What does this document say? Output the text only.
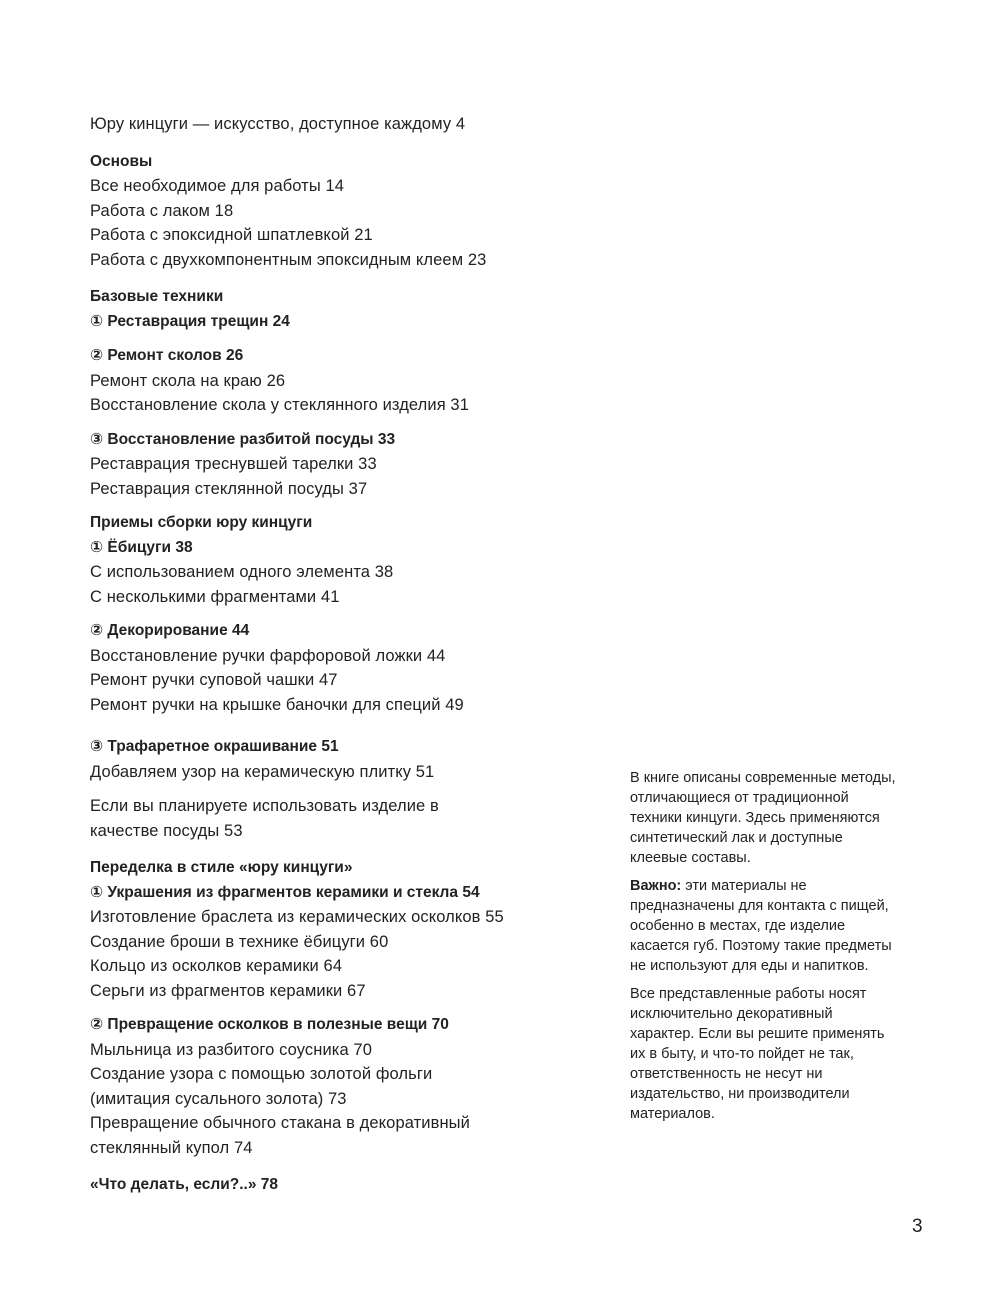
Юру кинцуги — искусство, доступное каждому 4
Основы
Все необходимое для работы 14
Работа с лаком 18
Работа с эпоксидной шпатлевкой 21
Работа с двухкомпонентным эпоксидным клеем 23
Базовые техники
① Реставрация трещин 24
② Ремонт сколов 26
Ремонт скола на краю 26
Восстановление скола у стеклянного изделия 31
③ Восстановление разбитой посуды 33
Реставрация треснувшей тарелки 33
Реставрация стеклянной посуды 37
Приемы сборки юру кинцуги
① Ёбицуги 38
С использованием одного элемента 38
С несколькими фрагментами 41
② Декорирование 44
Восстановление ручки фарфоровой ложки 44
Ремонт ручки суповой чашки 47
Ремонт ручки на крышке баночки для специй 49
③ Трафаретное окрашивание 51
Добавляем узор на керамическую плитку 51
Если вы планируете использовать изделие в качестве посуды 53
Переделка в стиле «юру кинцуги»
① Украшения из фрагментов керамики и стекла 54
Изготовление браслета из керамических осколков 55
Создание броши в технике ёбицуги 60
Кольцо из осколков керамики 64
Серьги из фрагментов керамики 67
② Превращение осколков в полезные вещи 70
Мыльница из разбитого соусника 70
Создание узора с помощью золотой фольги (имитация сусального золота) 73
Превращение обычного стакана в декоративный стеклянный купол 74
«Что делать, если?..» 78

В книге описаны современные методы, отличающиеся от традиционной техники кинцуги. Здесь применяются синтетический лак и доступные клеевые составы.

Важно: эти материалы не предназначены для контакта с пищей, особенно в местах, где изделие касается губ. Поэтому такие предметы не используют для еды и напитков.

Все представленные работы носят исключительно декоративный характер. Если вы решите применять их в быту, и что-то пойдет не так, ответственность не несут ни издательство, ни производители материалов.

3
